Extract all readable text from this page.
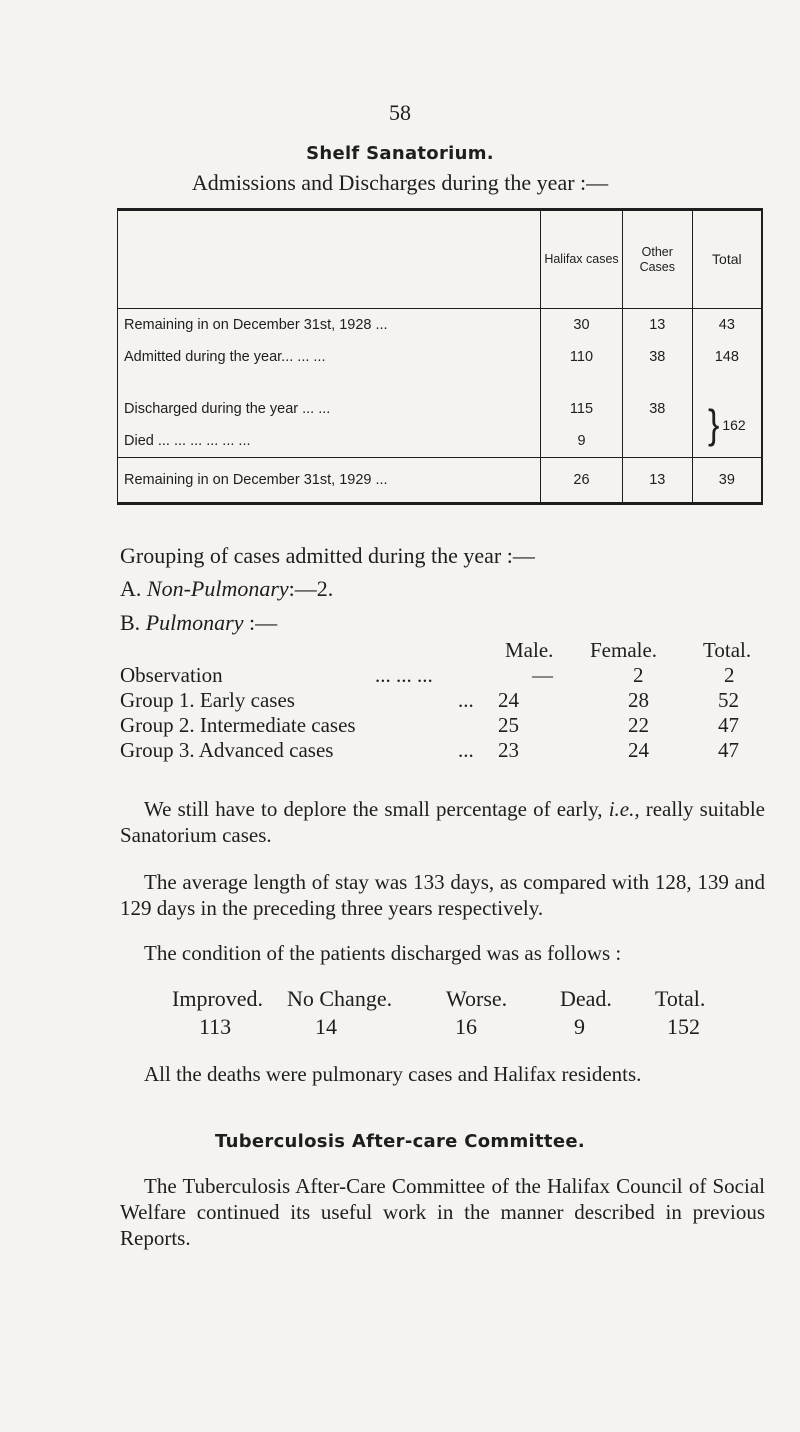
58
Shelf Sanatorium.
Admissions and Discharges during the year :—
	Halifax cases	Other Cases	Total
Remaining in on December 31st, 1928 ...	30	13	43
Admitted during the year... ... ...	110	38	148

Discharged during the year ... ...	115	38	} 162
Died ... ... ... ... ... ...	9		
Remaining in on December 31st, 1929 ...	26	13	39
Grouping of cases admitted during the year :—
A. Non-Pulmonary:—2.
B. Pulmonary :—
Male. Female. Total.
Observation	... ... ...	—	2	2
Group 1. Early cases	... 24	28	52
Group 2. Intermediate cases	25	22	47
Group 3. Advanced cases	... 23	24	47
We still have to deplore the small percentage of early, i.e., really suitable Sanatorium cases.
The average length of stay was 133 days, as compared with 128, 139 and 129 days in the preceding three years respectively.
The condition of the patients discharged was as follows :
Improved. No Change. Worse. Dead. Total.
113	14	16	9	152
All the deaths were pulmonary cases and Halifax residents.
Tuberculosis After-care Committee.
The Tuberculosis After-Care Committee of the Halifax Council of Social Welfare continued its useful work in the manner described in previous Reports.
